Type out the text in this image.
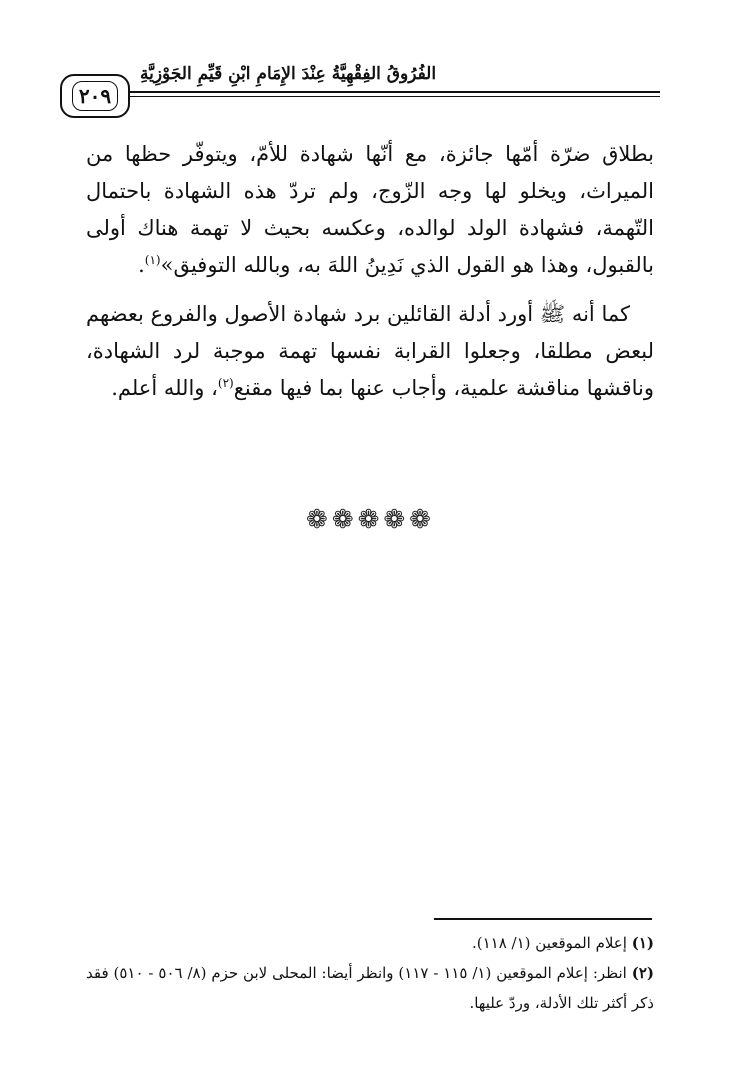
الفُرُوقُ الفِقْهِيَّةُ عِنْدَ الإِمَامِ ابْنِ قَيِّمِ الجَوْزِيَّةِ
٢٠٩

بطلاق ضرّة أمّها جائزة، مع أنّها شهادة للأمّ، ويتوفّر حظها من الميراث، ويخلو لها وجه الزّوج، ولم تردّ هذه الشهادة باحتمال التّهمة، فشهادة الولد لوالده، وعكسه بحيث لا تهمة هناك أولى بالقبول، وهذا هو القول الذي نَدِينُ اللهَ به، وبالله التوفيق»$^{(١)}$.

كما أنه ﷺ أورد أدلة القائلين برد شهادة الأصول والفروع بعضهم لبعض مطلقا، وجعلوا القرابة نفسها تهمة موجبة لرد الشهادة، وناقشها مناقشة علمية، وأجاب عنها بما فيها مقنع$^{(٢)}$، والله أعلم.

❁❁❁❁❁

(١) إعلام الموقعين (١/ ١١٨).

(٢) انظر: إعلام الموقعين (١/ ١١٥ - ١١٧) وانظر أيضا: المحلى لابن حزم (٨/ ٥٠٦ - ٥١٠) فقد ذكر أكثر تلك الأدلة، وردّ عليها.
